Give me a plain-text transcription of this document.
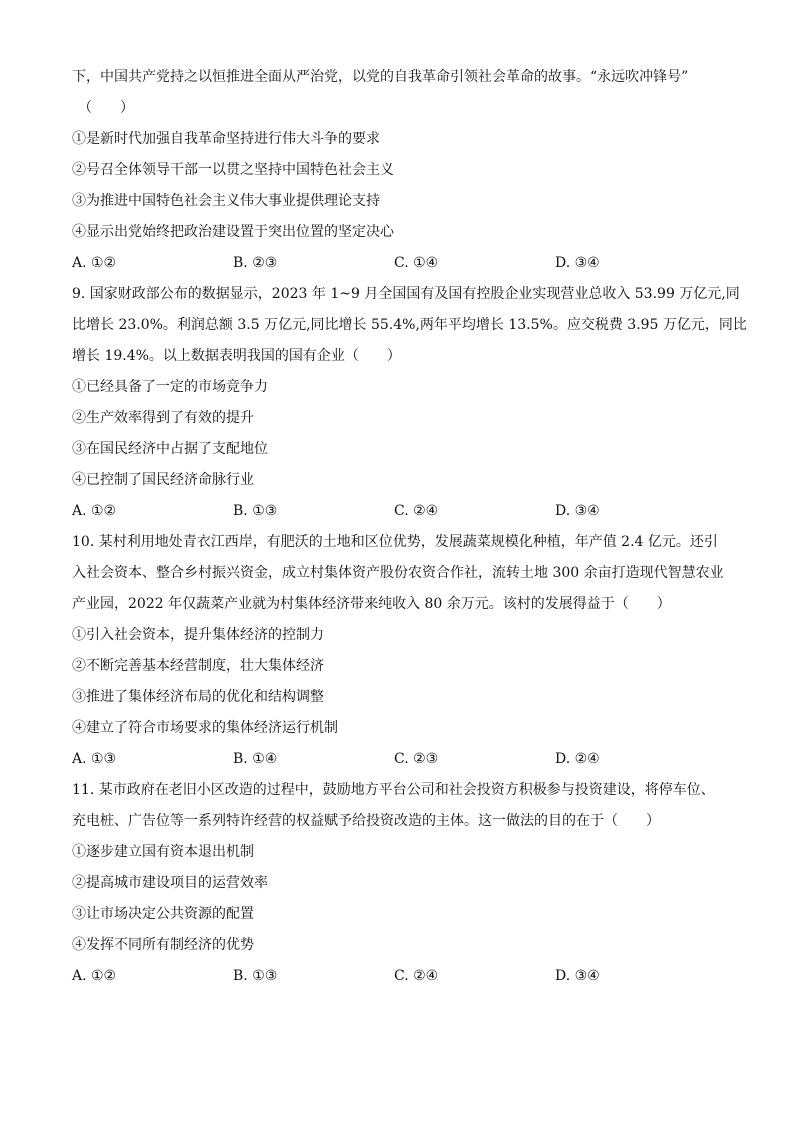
下，中国共产党持之以恒推进全面从严治党，以党的自我革命引领社会革命的故事。“永远吹冲锋号”
（　　）
①是新时代加强自我革命坚持进行伟大斗争的要求
②号召全体领导干部一以贯之坚持中国特色社会主义
③为推进中国特色社会主义伟大事业提供理论支持
④显示出党始终把政治建设置于突出位置的坚定决心
A. ①②	B. ②③	C. ①④	D. ③④
9. 国家财政部公布的数据显示，2023 年 1~9 月全国国有及国有控股企业实现营业总收入 53.99 万亿元,同
比增长 23.0%。利润总额 3.5 万亿元,同比增长 55.4%,两年平均增长 13.5%。应交税费 3.95 万亿元，同比
增长 19.4%。以上数据表明我国的国有企业（　　）
①已经具备了一定的市场竞争力
②生产效率得到了有效的提升
③在国民经济中占据了支配地位
④已控制了国民经济命脉行业
A. ①②	B. ①③	C. ②④	D. ③④
10. 某村利用地处青衣江西岸，有肥沃的土地和区位优势，发展蔬菜规模化种植，年产值 2.4 亿元。还引
入社会资本、整合乡村振兴资金，成立村集体资产股份农资合作社，流转土地 300 余亩打造现代智慧农业
产业园，2022 年仅蔬菜产业就为村集体经济带来纯收入 80 余万元。该村的发展得益于（　　）
①引入社会资本，提升集体经济的控制力
②不断完善基本经营制度，壮大集体经济
③推进了集体经济布局的优化和结构调整
④建立了符合市场要求的集体经济运行机制
A. ①③	B. ①④	C. ②③	D. ②④
11. 某市政府在老旧小区改造的过程中，鼓励地方平台公司和社会投资方积极参与投资建设，将停车位、
充电桩、广告位等一系列特许经营的权益赋予给投资改造的主体。这一做法的目的在于（　　）
①逐步建立国有资本退出机制
②提高城市建设项目的运营效率
③让市场决定公共资源的配置
④发挥不同所有制经济的优势
A. ①②	B. ①③	C. ②④	D. ③④
